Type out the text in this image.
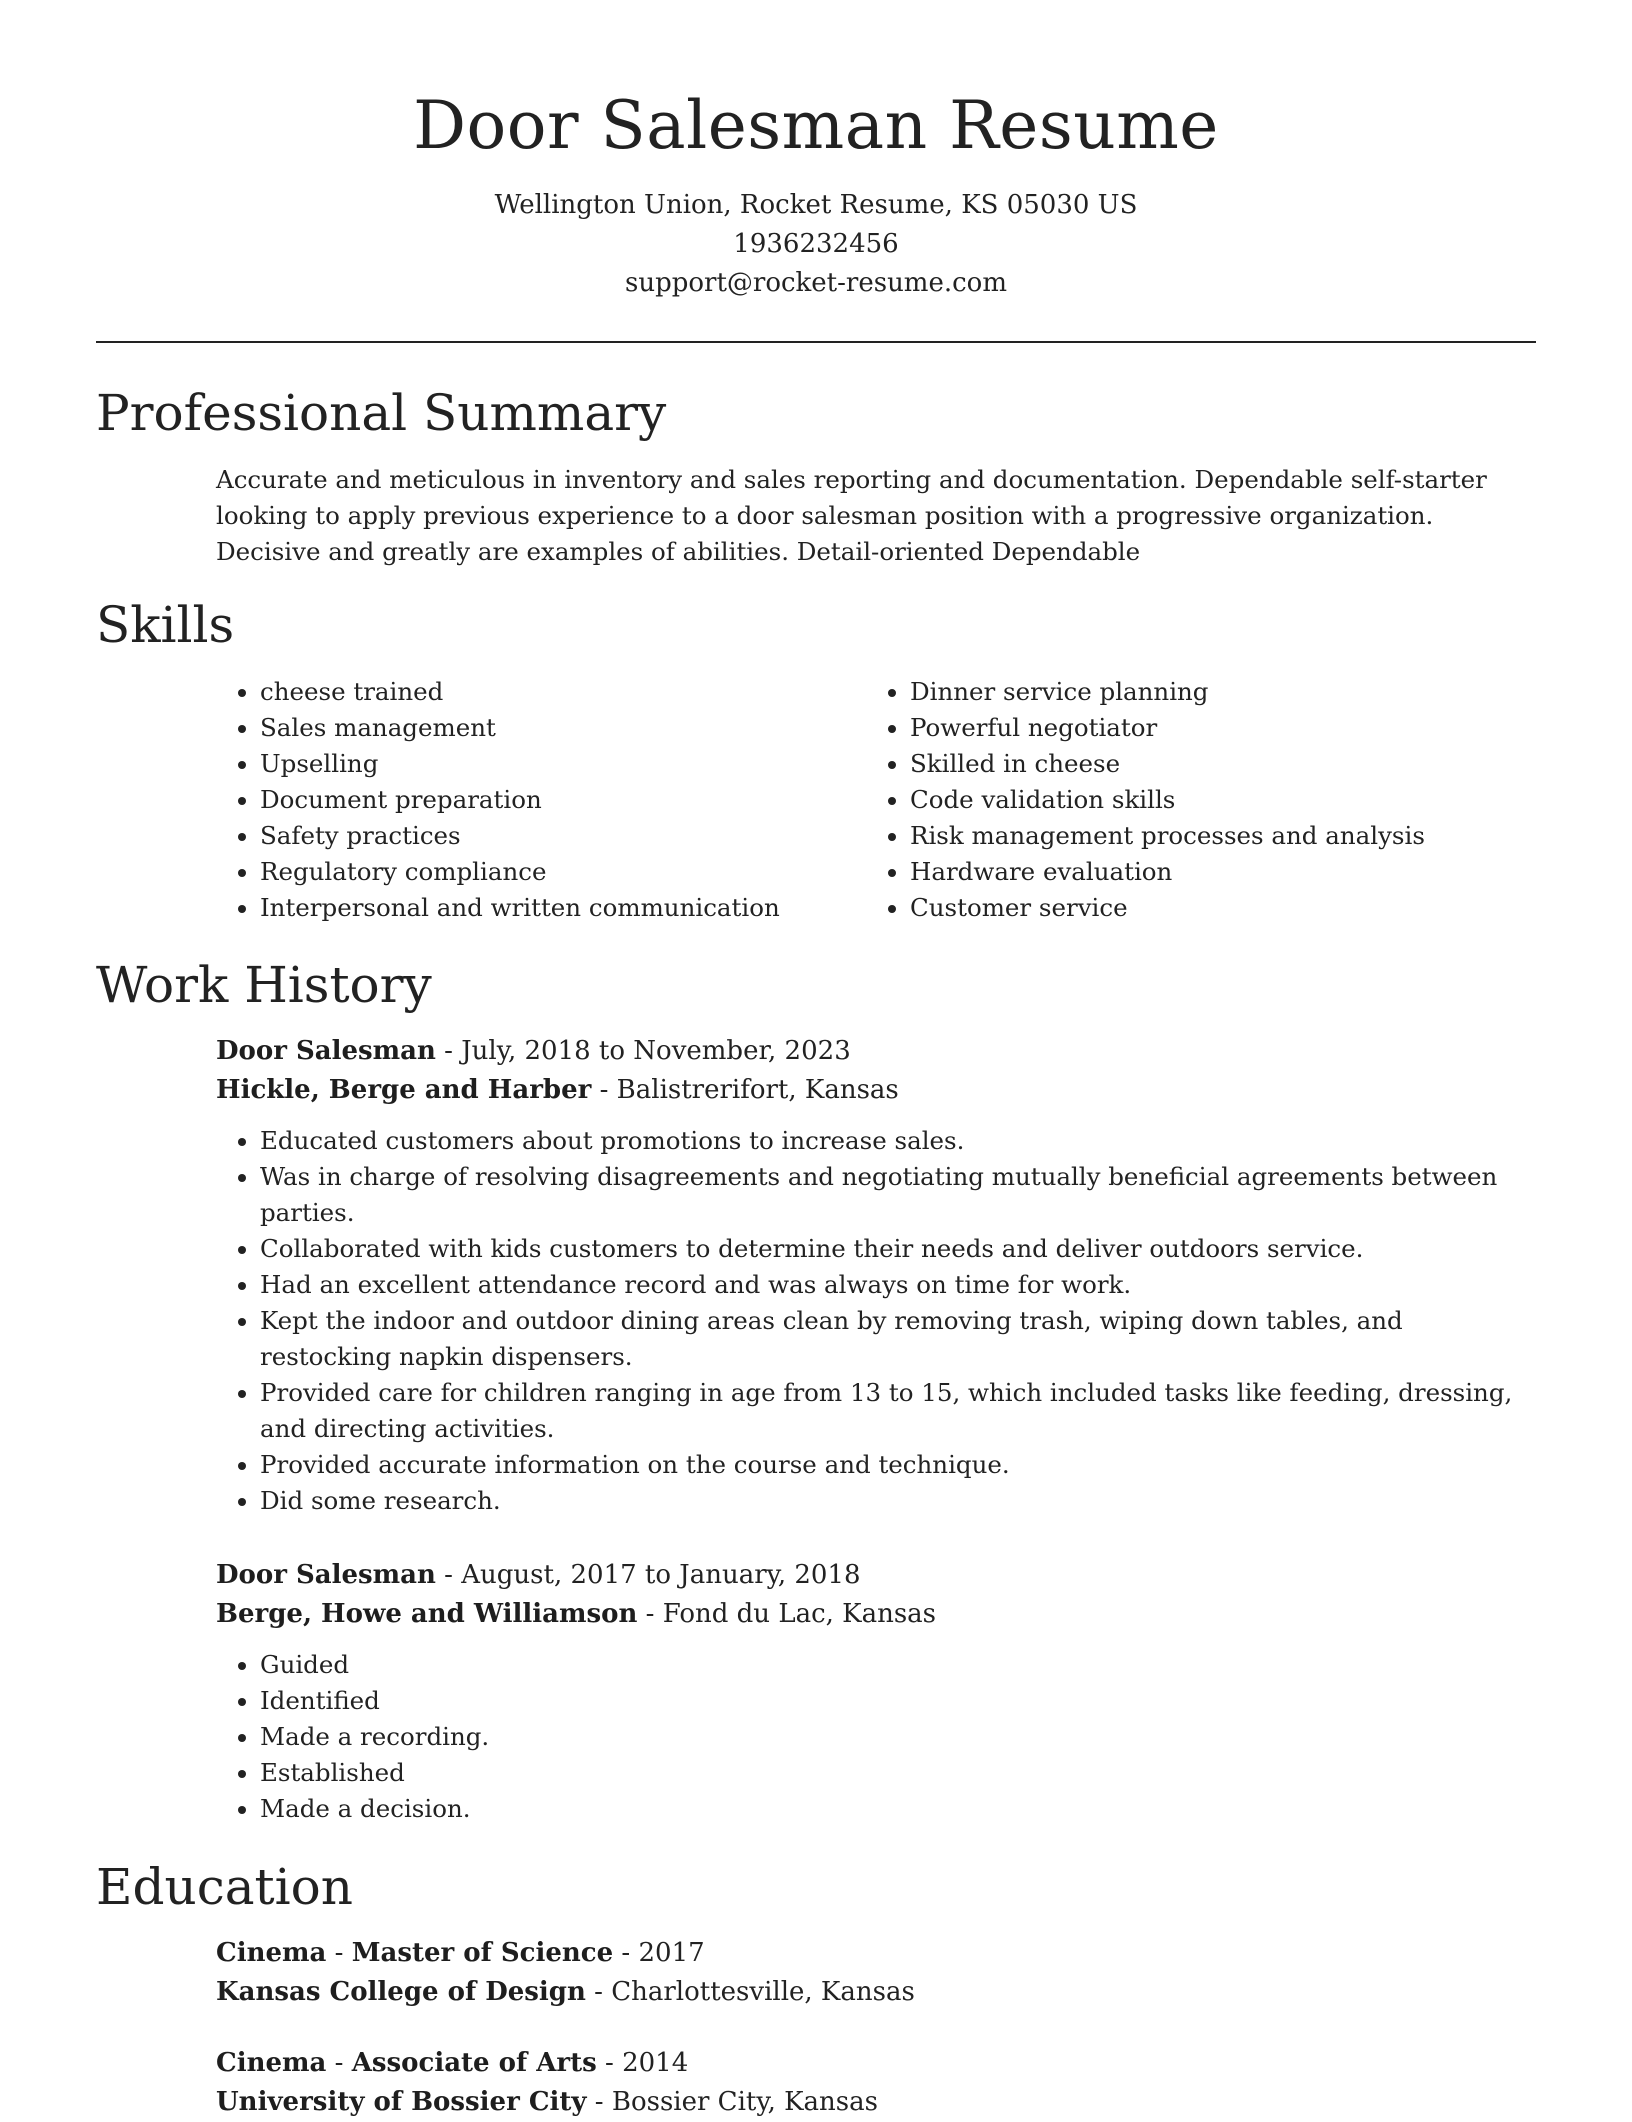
Door Salesman Resume
Wellington Union, Rocket Resume, KS 05030 US
1936232456
support@rocket-resume.com
Professional Summary
Accurate and meticulous in inventory and sales reporting and documentation. Dependable self-starter looking to apply previous experience to a door salesman position with a progressive organization. Decisive and greatly are examples of abilities. Detail-oriented Dependable
Skills
• cheese trained
• Sales management
• Upselling
• Document preparation
• Safety practices
• Regulatory compliance
• Interpersonal and written communication
• Dinner service planning
• Powerful negotiator
• Skilled in cheese
• Code validation skills
• Risk management processes and analysis
• Hardware evaluation
• Customer service
Work History
Door Salesman - July, 2018 to November, 2023
Hickle, Berge and Harber - Balistrerifort, Kansas
• Educated customers about promotions to increase sales.
• Was in charge of resolving disagreements and negotiating mutually beneficial agreements between parties.
• Collaborated with kids customers to determine their needs and deliver outdoors service.
• Had an excellent attendance record and was always on time for work.
• Kept the indoor and outdoor dining areas clean by removing trash, wiping down tables, and restocking napkin dispensers.
• Provided care for children ranging in age from 13 to 15, which included tasks like feeding, dressing, and directing activities.
• Provided accurate information on the course and technique.
• Did some research.
Door Salesman - August, 2017 to January, 2018
Berge, Howe and Williamson - Fond du Lac, Kansas
• Guided
• Identified
• Made a recording.
• Established
• Made a decision.
Education
Cinema - Master of Science - 2017
Kansas College of Design - Charlottesville, Kansas
Cinema - Associate of Arts - 2014
University of Bossier City - Bossier City, Kansas
